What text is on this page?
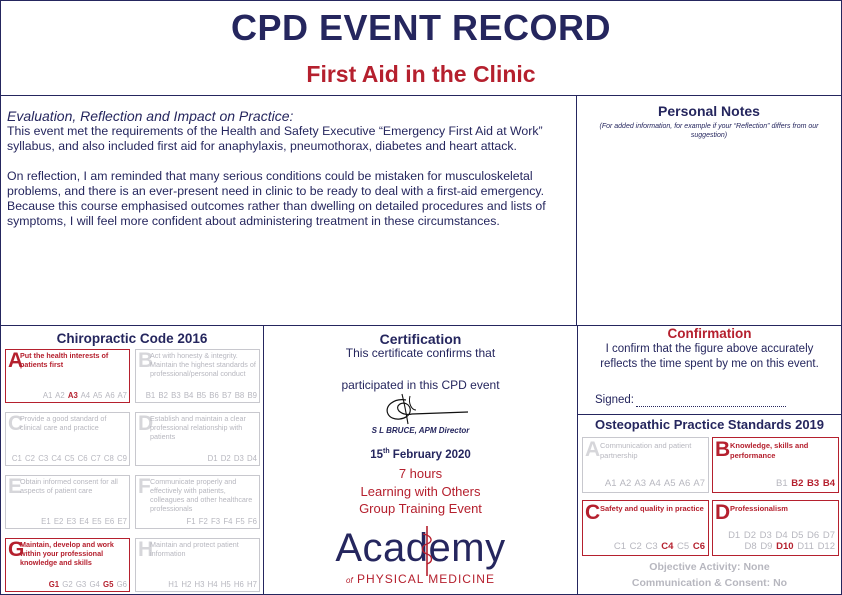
CPD EVENT RECORD
First Aid in the Clinic
Evaluation, Reflection and Impact on Practice:
This event met the requirements of the Health and Safety Executive “Emergency First Aid at Work” syllabus, and also included first aid for anaphylaxis, pneumothorax, diabetes and heart attack.
On reflection, I am reminded that many serious conditions could be mistaken for musculoskeletal problems, and there is an ever-present need in clinic to be ready to deal with a first-aid emergency. Because this course emphasised outcomes rather than dwelling on detailed procedures and lists of symptoms, I will feel more confident about administering treatment in these circumstances.
Personal Notes
(For added information, for example if your “Reflection” differs from our suggestion)
Chiropractic Code 2016
A
Put the health interests of patients first
A1 A2 A3 A4 A5 A6 A7
B
Act with honesty & integrity. Maintain the highest standards of professional/personal conduct
B1 B2 B3 B4 B5 B6 B7 B8 B9
C
Provide a good standard of clinical care and practice
C1 C2 C3 C4 C5 C6 C7 C8 C9
D
Establish and maintain a clear professional relationship with patients
D1 D2 D3 D4
E
Obtain informed consent for all aspects of patient care
E1 E2 E3 E4 E5 E6 E7
F Communicate properly and effectively with patients, colleagues and other healthcare professionals
F1 F2 F3 F4 F5 F6
G
Maintain, develop and work within your professional knowledge and skills
G1 G2 G3 G4 G5 G6
H
Maintain and protect patient information
H1 H2 H3 H4 H5 H6 H7
Certification
This certificate confirms that
participated in this CPD event
S L BRUCE, APM Director
15th February 2020
7 hours
Learning with Others
Group Training Event
Academy
of PHYSICAL MEDICINE
Confirmation
I confirm that the figure above accurately reflects the time spent by me on this event.
Signed:
Osteopathic Practice Standards 2019
A Communication and patient partnership
A1 A2 A3 A4 A5 A6 A7
B Knowledge, skills and performance
B1 B2 B3 B4
C Safety and quality in practice
C1 C2 C3 C4 C5 C6
D Professionalism
D1 D2 D3 D4 D5 D6 D7 D8 D9 D10 D11 D12
Objective Activity: None
Communication & Consent: No
